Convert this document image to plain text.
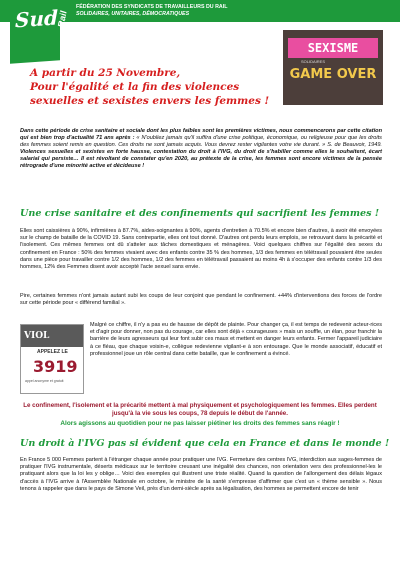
Sud
Rail
FÉDÉRATION DES SYNDICATS DE TRAVAILLEURS DU RAIL
SOLIDAIRES, UNITAIRES, DÉMOCRATIQUES
SEXISME
SOLIDAIRES
GAME OVER
A partir du 25 Novembre,
Pour l'égalité et la fin des violences
sexuelles et sexistes envers les femmes !
Dans cette période de crise sanitaire et sociale dont les plus faibles sont les premières victimes, nous commencerons par cette citation qui est bien trop d'actualité 71 ans après : « N'oubliez jamais qu'il suffira d'une crise politique, économique, ou religieuse pour que les droits des femmes soient remis en question. Ces droits ne sont jamais acquis. Vous devrez rester vigilantes votre vie durant. » S. de Beauvoir, 1949. Violences sexuelles et sexistes en forte hausse, contestation du droit à l'IVG, du droit de s'habiller comme elles le souhaitent, écart salarial qui persiste… Il est révoltant de constater qu'en 2020, au prétexte de la crise, les femmes sont encore victimes de la pensée rétrograde d'une minorité active et décideuse !
Une crise sanitaire et des confinements qui sacrifient les femmes !
Elles sont caissières à 90%, infirmières à 87.7%, aides-soignantes à 90%, agents d'entretien à 70.5% et encore bien d'autres, à avoir été envoyées sur le champ de bataille de la COVID 19. Sans contrepartie, elles ont tout donné. D'autres ont perdu leurs emplois, se retrouvant dans la précarité et l'isolement. Ces mêmes femmes ont dû s'atteler aux tâches domestiques et ménagères. Voici quelques chiffres sur l'égalité des sexes du confinement en France : 50% des femmes vivaient avec des enfants contre 35 % des hommes, 1/3 des femmes en télétravail pouvaient être seules dans une pièce pour travailler contre 1/2 des hommes, 1/2 des femmes en télétravail passaient au moins 4h à s'occuper des enfants contre 1/3 des hommes, 12% des Femmes disent avoir accepté l'acte sexuel sans envie.
Pire, certaines femmes n'ont jamais autant subi les coups de leur conjoint que pendant le confinement. +44% d'interventions des forces de l'ordre sur cette période pour « différend familial ».
VIOL
APPELEZ LE
3919
appel anonyme et gratuit
Malgré ce chiffre, il n'y a pas eu de hausse de dépôt de plainte. Pour changer ça, il est temps de redevenir acteur-rices et d'agir pour donner, non pas du courage, car elles sont déjà « courageuses » mais un souffle, un élan, pour franchir la barrière de leurs agresseurs qui leur font subir ces maux et mettent en danger leurs enfants. Fermer l'appareil judiciaire à ce fléau, que chaque voisin-e, collègue redevienne vigilant-e à son entourage. Que le monde associatif, éducatif et professionnel joue un rôle central dans cette bataille, que le confinement a évincé.
Le confinement, l'isolement et la précarité mettent à mal physiquement et psychologiquement les femmes. Elles perdent jusqu'à la vie sous les coups, 78 depuis le début de l'année.
Alors agissons au quotidien pour ne pas laisser piétiner les droits des femmes sans réagir !
Un droit à l'IVG pas si évident que cela en France et dans le monde !
En France 5 000 Femmes partent à l'étranger chaque année pour pratiquer une IVG. Fermeture des centres IVG, interdiction aux sages-femmes de pratiquer l'IVG instrumentale, déserts médicaux sur le territoire creusant une inégalité des chances, non orientation vers des professionnel-les le pratiquant alors que la loi les y oblige… Voici des exemples qui illustrent une triste réalité. Quand la question de l'allongement des délais légaux d'accès à l'IVG arrive à l'Assemblée Nationale en octobre, le ministre de la santé s'empresse d'affirmer que c'est un « thème sensible ». Nous tenons à rappeler que dans le pays de Simone Veil, près d'un demi-siècle après sa légalisation, des hommes se permettent encore de tenir
